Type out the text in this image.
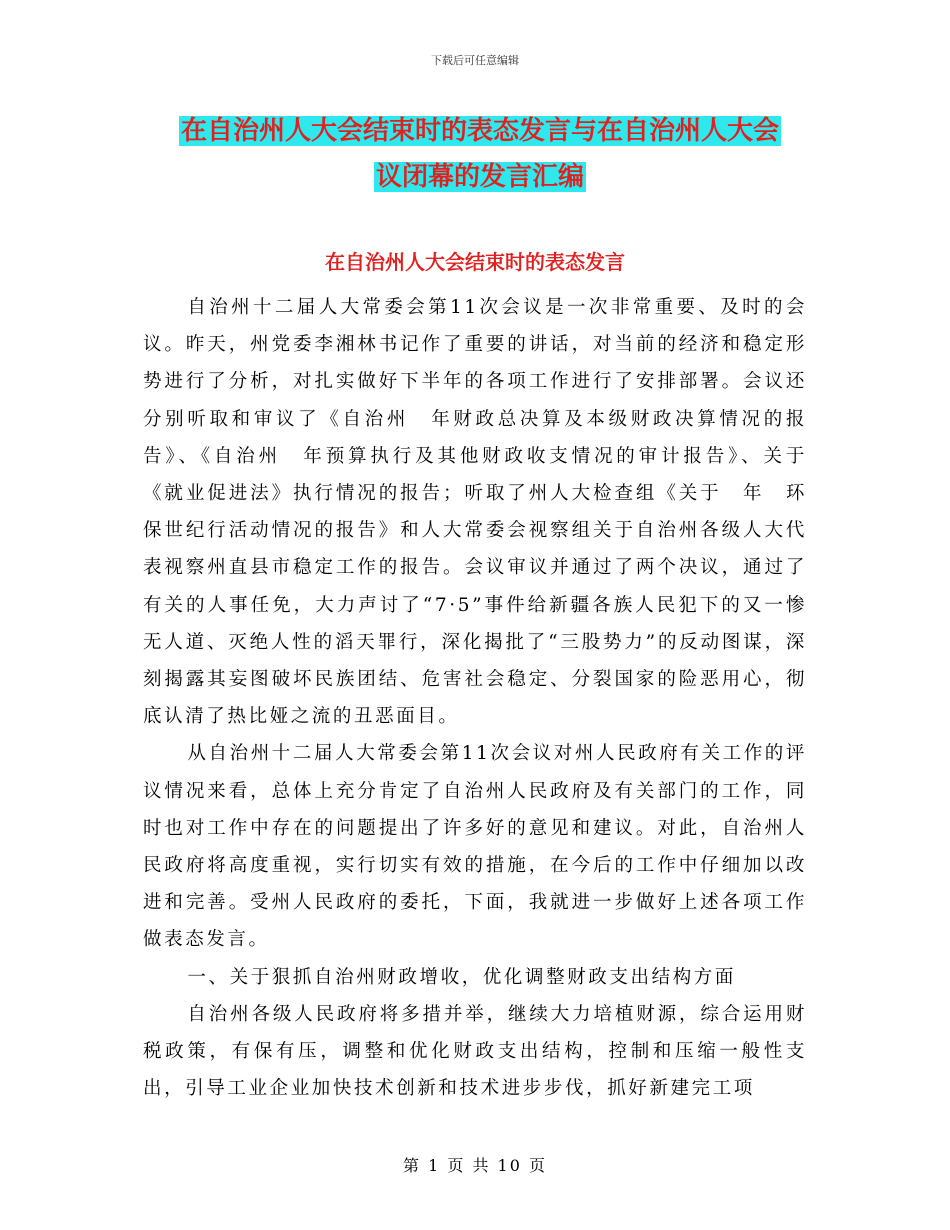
下载后可任意编辑
在自治州人大会结束时的表态发言与在自治州人大会
议闭幕的发言汇编
在自治州人大会结束时的表态发言

自治州十二届人大常委会第11次会议是一次非常重要、及时的会议。昨天，州党委李湘林书记作了重要的讲话，对当前的经济和稳定形势进行了分析，对扎实做好下半年的各项工作进行了安排部署。会议还分别听取和审议了《自治州　年财政总决算及本级财政决算情况的报告》、《自治州　年预算执行及其他财政收支情况的审计报告》、关于《就业促进法》执行情况的报告；听取了州人大检查组《关于　年　环保世纪行活动情况的报告》和人大常委会视察组关于自治州各级人大代表视察州直县市稳定工作的报告。会议审议并通过了两个决议，通过了有关的人事任免，大力声讨了“7·5”事件给新疆各族人民犯下的又一惨无人道、灭绝人性的滔天罪行，深化揭批了“三股势力”的反动图谋，深刻揭露其妄图破坏民族团结、危害社会稳定、分裂国家的险恶用心，彻底认清了热比娅之流的丑恶面目。

从自治州十二届人大常委会第11次会议对州人民政府有关工作的评议情况来看，总体上充分肯定了自治州人民政府及有关部门的工作，同时也对工作中存在的问题提出了许多好的意见和建议。对此，自治州人民政府将高度重视，实行切实有效的措施，在今后的工作中仔细加以改进和完善。受州人民政府的委托，下面，我就进一步做好上述各项工作做表态发言。

一、关于狠抓自治州财政增收，优化调整财政支出结构方面

自治州各级人民政府将多措并举，继续大力培植财源，综合运用财税政策，有保有压，调整和优化财政支出结构，控制和压缩一般性支出，引导工业企业加快技术创新和技术进步步伐，抓好新建完工项

第 1 页 共 10 页
